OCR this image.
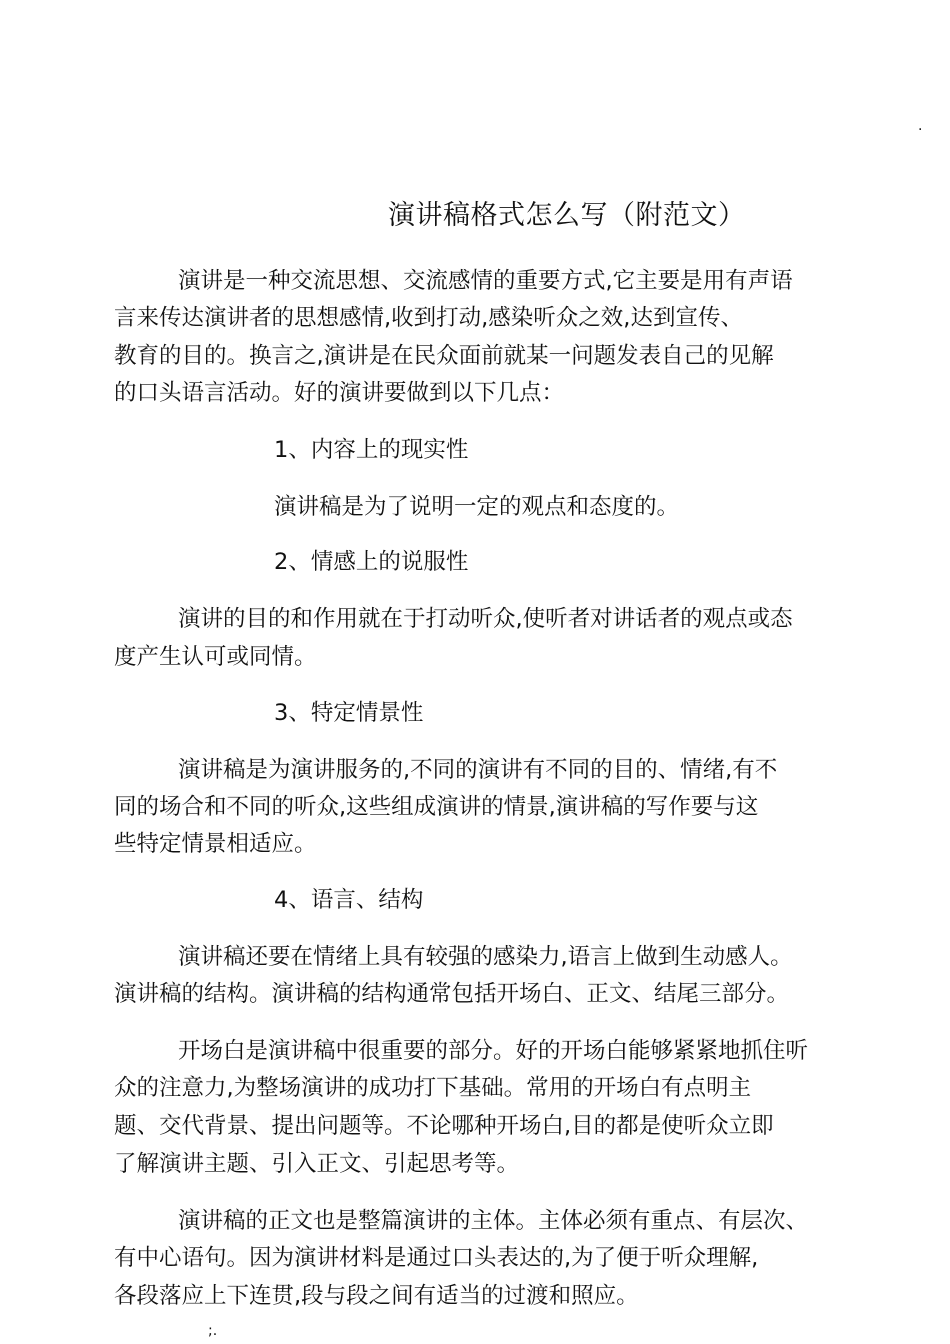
.
演讲稿格式怎么写（附范文）
演讲是一种交流思想、交流感情的重要方式,它主要是用有声语
言来传达演讲者的思想感情,收到打动,感染听众之效,达到宣传、
教育的目的。换言之,演讲是在民众面前就某一问题发表自己的见解
的口头语言活动。好的演讲要做到以下几点：
1、内容上的现实性
演讲稿是为了说明一定的观点和态度的。
2、情感上的说服性
演讲的目的和作用就在于打动听众,使听者对讲话者的观点或态
度产生认可或同情。
3、特定情景性
演讲稿是为演讲服务的,不同的演讲有不同的目的、情绪,有不
同的场合和不同的听众,这些组成演讲的情景,演讲稿的写作要与这
些特定情景相适应。
4、语言、结构
演讲稿还要在情绪上具有较强的感染力,语言上做到生动感人。
演讲稿的结构。演讲稿的结构通常包括开场白、正文、结尾三部分。
开场白是演讲稿中很重要的部分。好的开场白能够紧紧地抓住听
众的注意力,为整场演讲的成功打下基础。常用的开场白有点明主
题、交代背景、提出问题等。不论哪种开场白,目的都是使听众立即
了解演讲主题、引入正文、引起思考等。
演讲稿的正文也是整篇演讲的主体。主体必须有重点、有层次、
有中心语句。因为演讲材料是通过口头表达的,为了便于听众理解,
各段落应上下连贯,段与段之间有适当的过渡和照应。
;.
